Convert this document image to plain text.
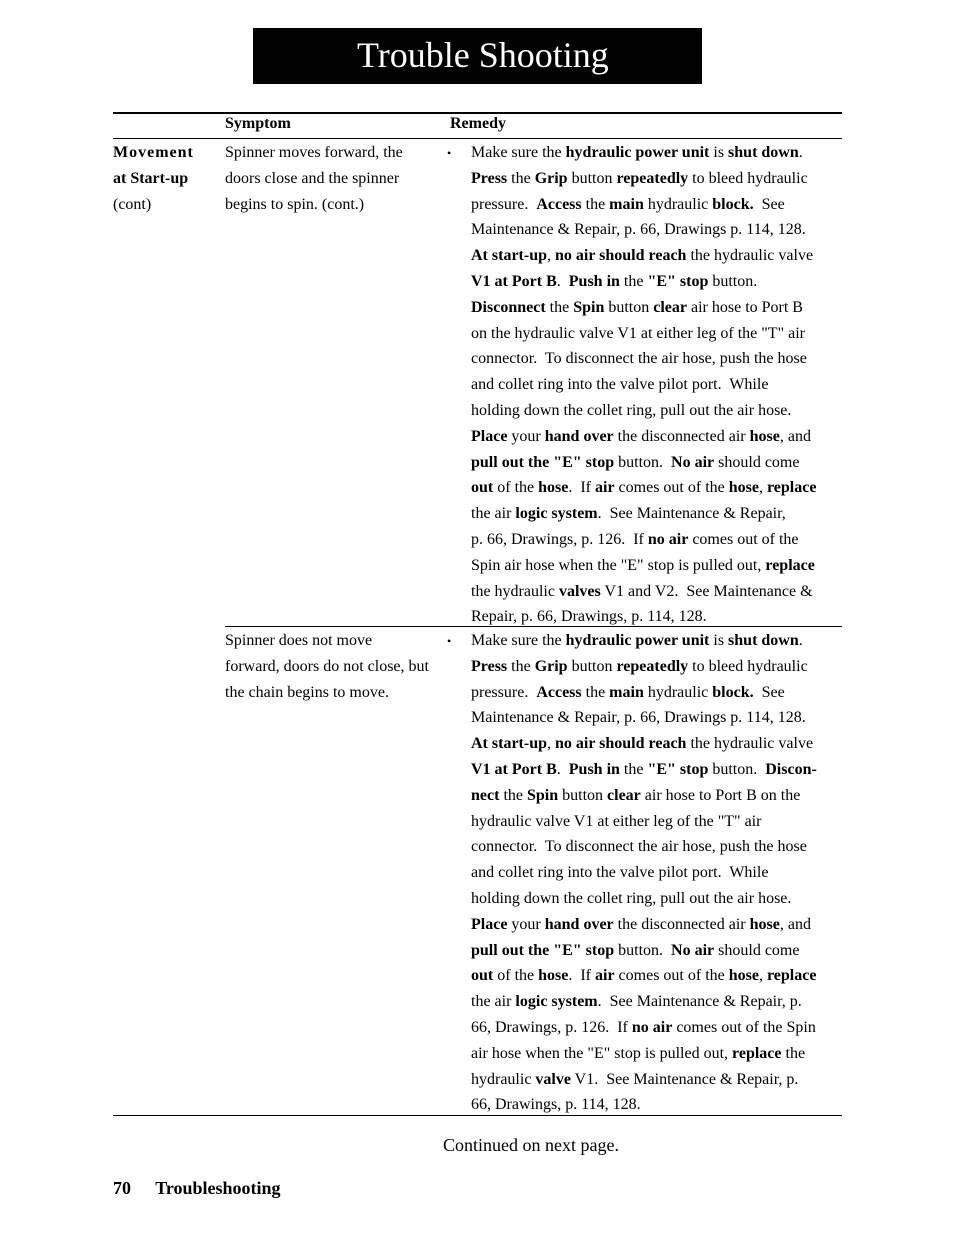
Trouble Shooting
Symptom	Remedy
Movement
at Start-up
(cont)
Spinner moves forward, the
doors close and the spinner
begins to spin. (cont.)
• Make sure the hydraulic power unit is shut down.
Press the Grip button repeatedly to bleed hydraulic
pressure.  Access the main hydraulic block.  See
Maintenance & Repair, p. 66, Drawings p. 114, 128.
At start-up, no air should reach the hydraulic valve
V1 at Port B.  Push in the "E" stop button.
Disconnect the Spin button clear air hose to Port B
on the hydraulic valve V1 at either leg of the "T" air
connector.  To disconnect the air hose, push the hose
and collet ring into the valve pilot port.  While
holding down the collet ring, pull out the air hose.
Place your hand over the disconnected air hose, and
pull out the "E" stop button.  No air should come
out of the hose.  If air comes out of the hose, replace
the air logic system.  See Maintenance & Repair,
p. 66, Drawings, p. 126.  If no air comes out of the
Spin air hose when the "E" stop is pulled out, replace
the hydraulic valves V1 and V2.  See Maintenance &
Repair, p. 66, Drawings, p. 114, 128.
Spinner does not move
forward, doors do not close, but
the chain begins to move.
• Make sure the hydraulic power unit is shut down.
Press the Grip button repeatedly to bleed hydraulic
pressure.  Access the main hydraulic block.  See
Maintenance & Repair, p. 66, Drawings p. 114, 128.
At start-up, no air should reach the hydraulic valve
V1 at Port B.  Push in the "E" stop button.  Discon-
nect the Spin button clear air hose to Port B on the
hydraulic valve V1 at either leg of the "T" air
connector.  To disconnect the air hose, push the hose
and collet ring into the valve pilot port.  While
holding down the collet ring, pull out the air hose.
Place your hand over the disconnected air hose, and
pull out the "E" stop button.  No air should come
out of the hose.  If air comes out of the hose, replace
the air logic system.  See Maintenance & Repair, p.
66, Drawings, p. 126.  If no air comes out of the Spin
air hose when the "E" stop is pulled out, replace the
hydraulic valve V1.  See Maintenance & Repair, p.
66, Drawings, p. 114, 128.
Continued on next page.
70 Troubleshooting
